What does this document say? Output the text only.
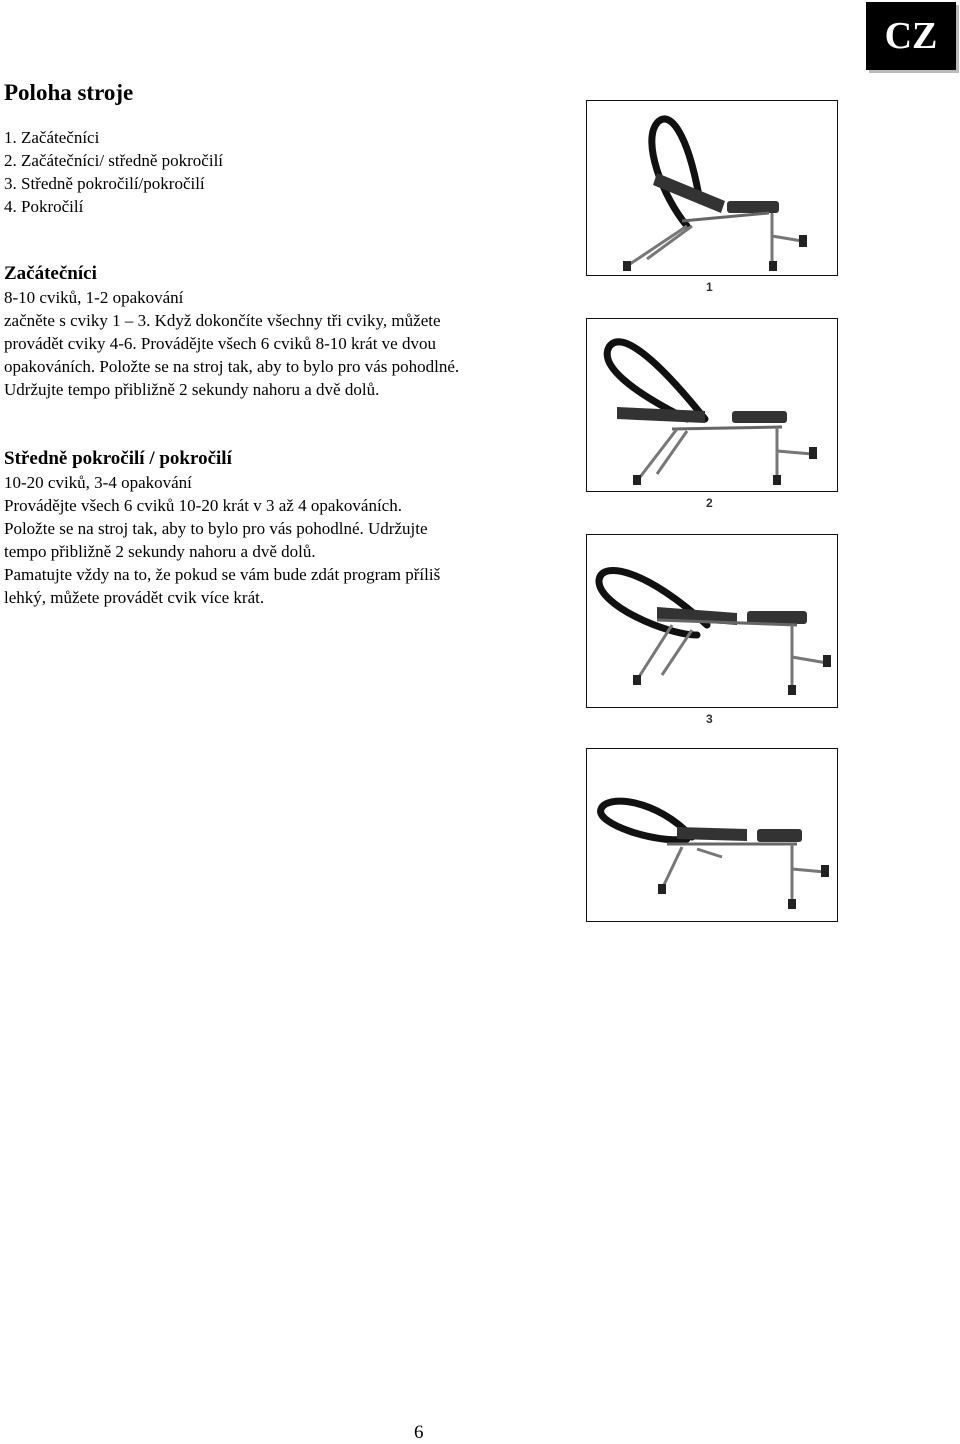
CZ
Poloha stroje

1. Začátečníci

2. Začátečníci/ středně pokročilí

3. Středně pokročilí/pokročilí

4. Pokročilí

Začátečníci

8-10 cviků, 1-2 opakování

začněte s cviky 1 – 3. Když dokončíte všechny tři cviky, můžete

provádět cviky 4-6. Provádějte všech 6 cviků 8-10 krát ve dvou

opakováních. Položte se na stroj tak, aby to bylo pro vás pohodlné.

Udržujte tempo přibližně 2 sekundy nahoru a dvě dolů.

Středně pokročilí / pokročilí

10-20 cviků, 3-4 opakování

Provádějte všech 6 cviků 10-20 krát v 3 až 4 opakováních.

Položte se na stroj tak, aby to bylo pro vás pohodlné. Udržujte

tempo přibližně 2 sekundy nahoru a dvě dolů.

Pamatujte vždy na to, že pokud se vám bude zdát program příliš

lehký, můžete provádět cvik více krát.

1
2
3
6
